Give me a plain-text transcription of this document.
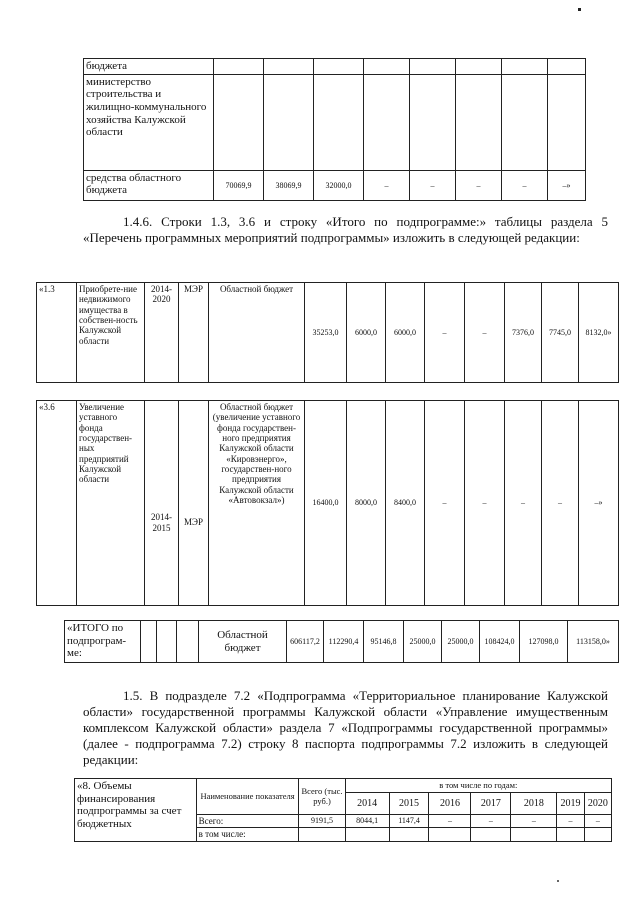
бюджета								
министерство строительства и жилищно-коммунального хозяйства Калужской области								
средства областного бюджета	70069,9	38069,9	32000,0	–	–	–	–	–»
1.4.6. Строки 1.3, 3.6 и строку «Итого по подпрограмме:» таблицы раздела 5 «Перечень программных мероприятий подпрограммы» изложить в следующей редакции:
«1.3	Приобрете-ние недвижимого имущества в собствен-ность Калужской области	2014-2020	МЭР	Областной бюджет	35253,0	6000,0	6000,0	–	–	7376,0	7745,0	8132,0»
«3.6	Увеличение уставного фонда государствен-ных предприятий Калужской области	2014-2015	МЭР	Областной бюджет (увеличение уставного фонда государствен-ного предприятия Калужской области «Кировэнерго», государствен-ного предприятия Калужской области «Автовокзал»)	16400,0	8000,0	8400,0	–	–	–	–	–»
«ИТОГО по подпрограм-ме:				Областной бюджет	606117,2	112290,4	95146,8	25000,0	25000,0	108424,0	127098,0	113158,0»
1.5. В подразделе 7.2 «Подпрограмма «Территориальное планирование Калужской области» государственной программы Калужской области «Управление имущественным комплексом Калужской области» раздела 7 «Подпрограммы государственной программы» (далее - подпрограмма 7.2) строку 8 паспорта подпрограммы 7.2 изложить в следующей редакции:
«8. Объемы финансирования подпрограммы за счет бюджетных	Наименование показателя	Всего (тыс. руб.)	в том числе по годам:						
			2014	2015	2016	2017	2018	2019	2020
	Всего:	9191,5	8044,1	1147,4	–	–	–	–	–
	в том числе:								
